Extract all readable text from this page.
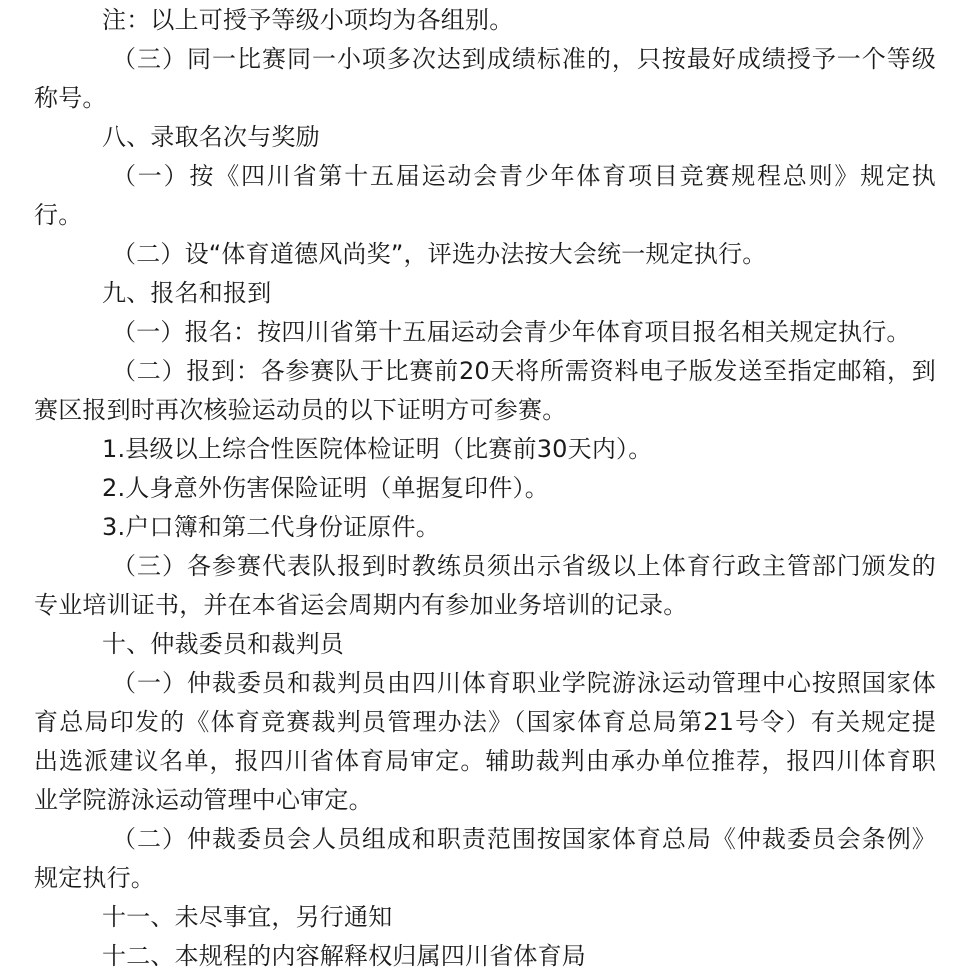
注：以上可授予等级小项均为各组别。
（三）同一比赛同一小项多次达到成绩标准的，只按最好成绩授予一个等级
称号。
八、录取名次与奖励
（一）按《四川省第十五届运动会青少年体育项目竞赛规程总则》规定执
行。
（二）设“体育道德风尚奖”，评选办法按大会统一规定执行。
九、报名和报到
（一）报名：按四川省第十五届运动会青少年体育项目报名相关规定执行。
（二）报到：各参赛队于比赛前20天将所需资料电子版发送至指定邮箱，到
赛区报到时再次核验运动员的以下证明方可参赛。
1.县级以上综合性医院体检证明（比赛前30天内）。
2.人身意外伤害保险证明（单据复印件）。
3.户口簿和第二代身份证原件。
（三）各参赛代表队报到时教练员须出示省级以上体育行政主管部门颁发的
专业培训证书，并在本省运会周期内有参加业务培训的记录。
十、仲裁委员和裁判员
（一）仲裁委员和裁判员由四川体育职业学院游泳运动管理中心按照国家体
育总局印发的《体育竞赛裁判员管理办法》（国家体育总局第21号令）有关规定提
出选派建议名单，报四川省体育局审定。辅助裁判由承办单位推荐，报四川体育职
业学院游泳运动管理中心审定。
（二）仲裁委员会人员组成和职责范围按国家体育总局《仲裁委员会条例》
规定执行。
十一、未尽事宜，另行通知
十二、本规程的内容解释权归属四川省体育局
